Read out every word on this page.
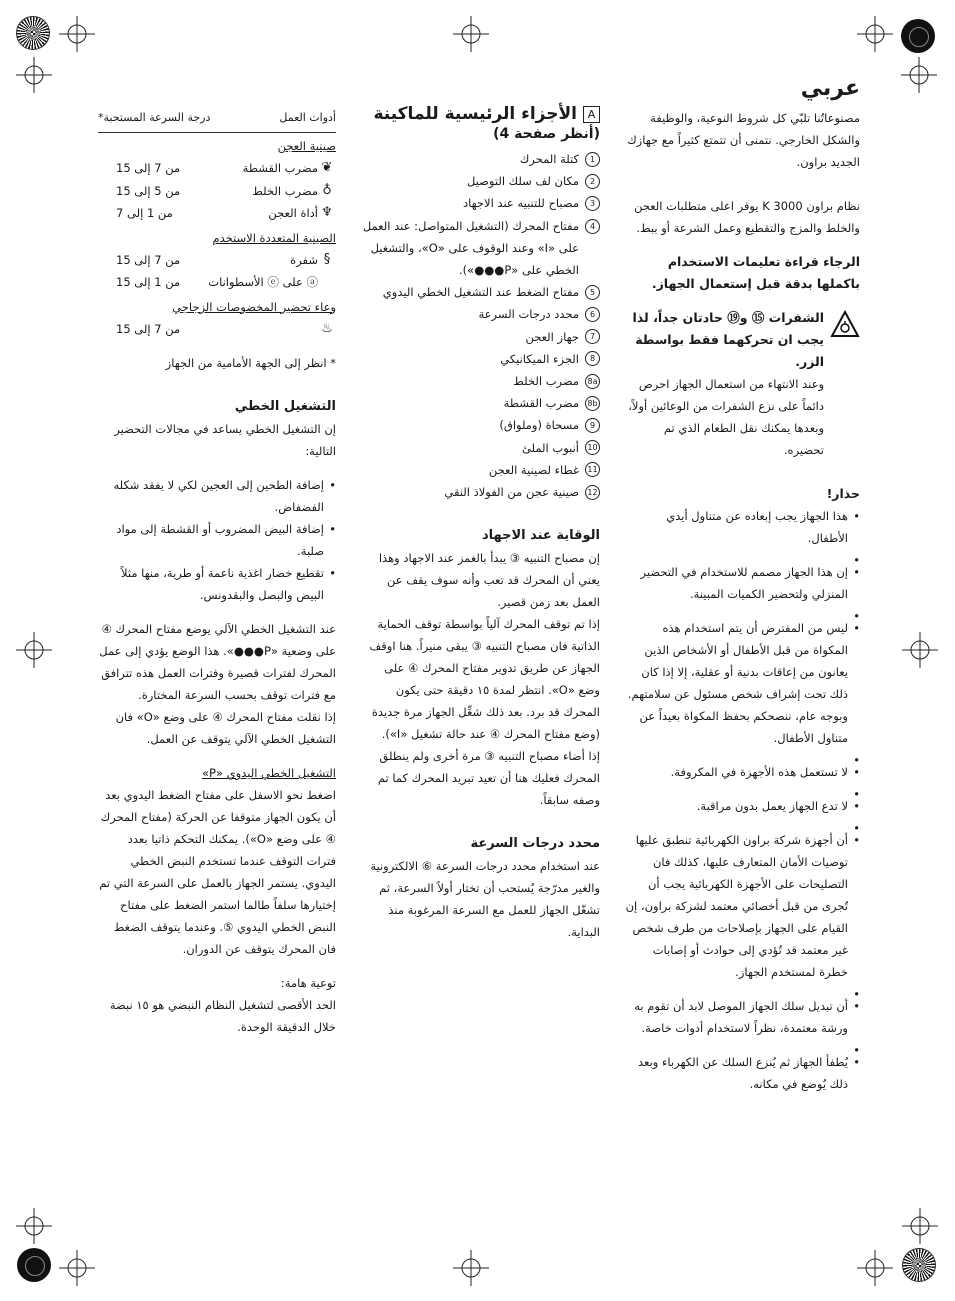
عربي

مصنوعاتُنا تلبّي كل شروط النوعية، والوظيفة والشكل الخارجي. نتمنى أن تتمتع كثيراً مع جهازك الجديد براون.

نظام براون K 3000 يوفر اعلى متطلبات العجن والخلط والمزج والتقطيع وعمل الشرعة أو ببط.

الرجاء قراءة تعليمات الاستخدام باكملها بدقة قبل إستعمال الجهاز.

الشفرات ⑮ و⑲ حادتان جداً، لذا يجب ان تحركهما فقط بواسطة الزر.

وعند الانتهاء من استعمال الجهاز احرص دائماً على نزع الشفرات من الوعائين أولاً، وبعدها يمكنك نقل الطعام الذي تم تحضيره.

حذار!

• هذا الجهاز يجب إبعاده عن متناول أيدي الأطفال.
•
• إن هذا الجهاز مصمم للاستخدام في التحضير المنزلي ولتحضير الكميات المبينة.
•
• ليس من المفترض أن يتم استخدام هذه المكواة من قبل الأطفال أو الأشخاص الذين يعانون من إعاقات بدنية أو عقلية، إلا إذا كان ذلك تحت إشراف شخص مسئول عن سلامتهم. وبوجه عام، ننصحكم بحفظ المكواة بعيداً عن متناول الأطفال.
•
• لا تستعمل هذه الأجهزة في المكروفة.
•
• لا تدع الجهاز يعمل بدون مراقبة.
•
• أن أجهزة شركة براون الكهربائية تنطبق عليها توصيات الأمان المتعارف عليها، كذلك فان التصليحات على الأجهزة الكهربائية يجب أن تُجرى من قبل أخصائي معتمد لشركة براون، إن القيام على الجهاز بإصلاحات من طرف شخص غير معتمد قد تُؤدي إلى حوادث أو إصابات خطرة لمستخدم الجهاز.
•
• أن تبديل سلك الجهاز الموصل لابد أن تقوم به ورشة معتمدة، نظراً لاستخدام أدوات خاصة.
•
• يُطفأ الجهاز ثم يُنزع السلك عن الكهرباء وبعد ذلك يُوضع في مكانه.
A
الأجزاء الرئيسية للماكينة
(أنظر صفحة 4)
1
كتلة المحرك
2
مكان لف سلك التوصيل
3
مصباح للتنبيه عند الاجهاد
4
مفتاح المحرك (التشغيل المتواصل: عند العمل على «I» وعند الوقوف على «O»، والتشغيل الخطي على «P●●●»).
5
مفتاح الضغط عند التشغيل الخطي اليدوي
6
محدد درجات السرعة
7
جهاز العجن
8
الجزء الميكانيكي
8a
مضرب الخلط
8b
مضرب القشطة
9
مسحاة (وملواق)
10
أنبوب الملئ
11
غطاء لصينية العجن
12
صينية عجن من الفولاذ النقي
الوقاية عند الاجهاد

إن مصباح التنبيه ③ يبدأ بالغمز عند الاجهاد وهذا يعني أن المحرك قد تعب وأنه سوف يقف عن العمل بعد زمن قصير.

إذا تم توقف المحرك آلياً بواسطة توقف الحماية الذاتية فان مصباح التنبيه ③ يبقى منيراً. هنا اوقف الجهاز عن طريق تدوير مفتاح المحرك ④ على وضع «O». انتظر لمدة ١٥ دقيقة حتى يكون المحرك قد برد. بعد ذلك شغِّل الجهاز مرة جديدة (وضع مفتاح المحرك ④ عند حالة تشغيل «I»).

إذا أضاء مصباح التنبيه ③ مرة أخرى ولم ينطلق المحرك فعليك هنا أن تعيد تبريد المحرك كما تم وصفه سابقاً.

محدد درجات السرعة

عند استخدام محدد درجات السرعة ⑥ الالكترونية والغير مدرّجة يُستحب أن تختار أولاً السرعة، ثم تشغّل الجهاز للعمل مع السرعة المرغوبة منذ البداية.

أدوات العمل
درجة السرعة المستحبة*
صينية العجن
❦
مضرب القشطة
من 7 إلى 15
♁
مضرب الخلط
من 5 إلى 15
♆
أداة العجن
من 1 إلى 7
الصينية المتعددة الاستخدم
§
شفرة
من 7 إلى 15
ⓐ على ⓔ الأسطوانات
من 1 إلى 15
وعاء تحضير المخضوصات الزجاجي
♨
من 7 إلى 15

* انظر إلى الجهة الأمامية من الجهاز

التشغيل الخطي

إن التشغيل الخطي يساعد في مجالات التحضير التالية:

• إضافة الطحين إلى العجين لكي لا يفقد شكله الفضفاض.
• إضافة البيض المضروب أو القشطة إلى مواد صلبة.
• تقطيع خضار اغذية ناعمة أو طرية، منها مثلاً البيض والبصل والبقدونس.

عند التشغيل الخطي الآلي يوضع مفتاح المحرك ④ على وضعية «P●●●». هذا الوضع يؤدي إلى عمل المحرك لفترات قصيرة وفترات العمل هذه تترافق مع فترات توقف بحسب السرعة المختارة.

إذا نقلت مفتاح المحرك ④ على وضع «O» فان التشغيل الخطي الآلي يتوقف عن العمل.

التشغيل الخطي اليدوي «P»

اضغط نحو الاسفل على مفتاح الضغط اليدوي بعد أن يكون الجهاز متوقفا عن الحركة (مفتاح المحرك ④ على وضع «O»). يمكنك التحكم ذاتيا بعدد فترات التوقف عندما تستخدم النبض الخطي اليدوي. يستمر الجهاز بالعمل على السرعة التي تم إختيارها سلفاً طالما استمر الضغط على مفتاح النبض الخطي اليدوي ⑤. وعندما يتوقف الضغط فان المحرك يتوقف عن الدوران.

توعية هامة:

الحد الأقصى لتشغيل النظام النبضي هو ١٥ نبضة خلال الدقيقة الوحدة.
